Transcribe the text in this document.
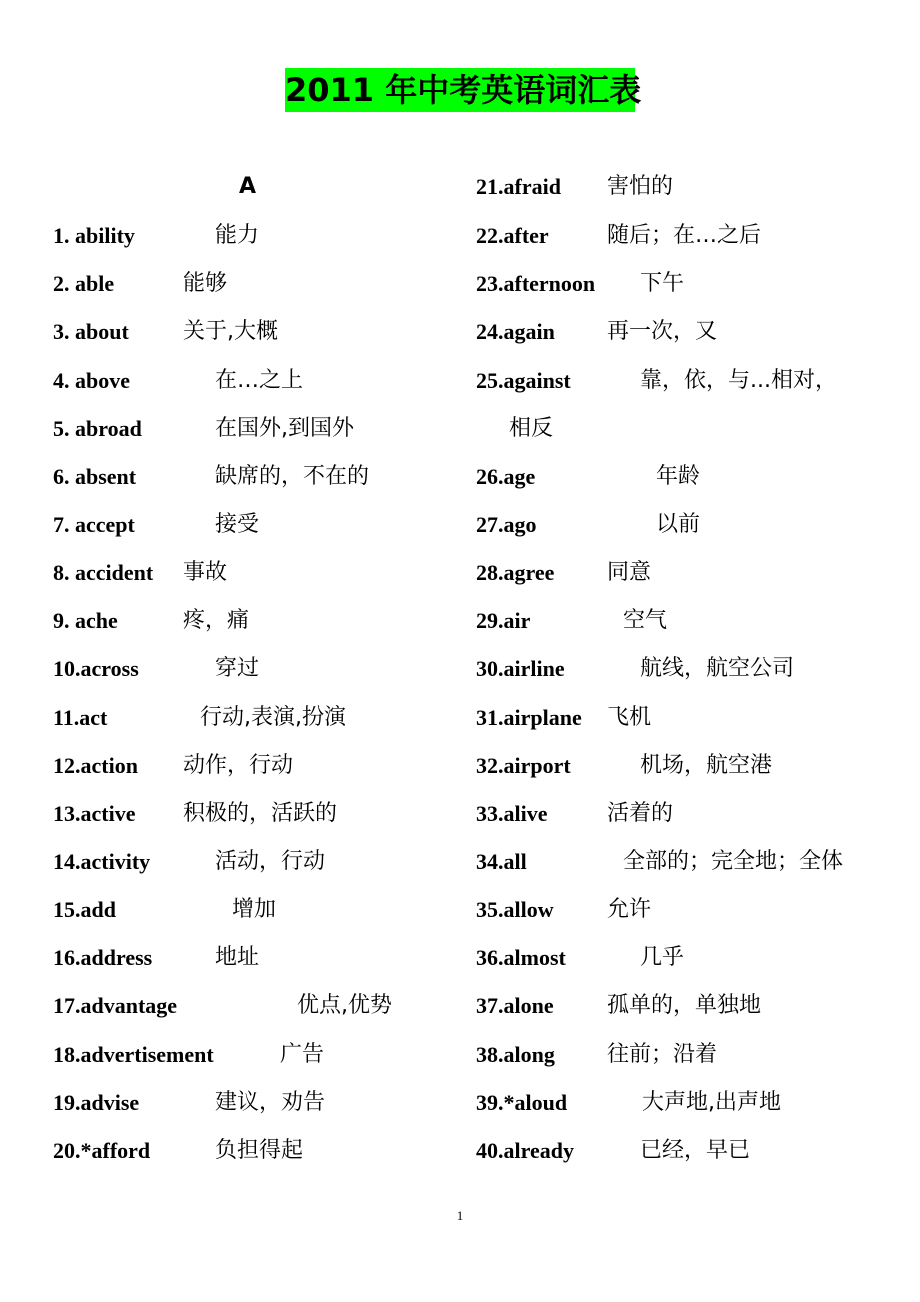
2011 年中考英语词汇表
A
1. ability	能力
2. able	能够
3. about 关于,大概
4. above	在…之上
5. abroad	在国外,到国外
6. absent	缺席的，不在的
7. accept	接受
8. accident 事故
9. ache	疼，痛
10.across	穿过
11.act	行动,表演,扮演
12.action 动作，行动
13.active 积极的，活跃的
14.activity	活动，行动
15.add	增加
16.address	地址
17.advantage	优点,优势
18.advertisement	广告
19.advise	建议，劝告
20.*afford	负担得起
21.afraid 害怕的
22.after	随后；在…之后
23.afternoon 下午
24.again 再一次，又
25.against	靠，依，与...相对，
相反
26.age	年龄
27.ago	以前
28.agree 同意
29.air	空气
30.airline	航线，航空公司
31.airplane 飞机
32.airport	机场，航空港
33.alive	活着的
34.all	全部的；完全地；全体
35.allow 允许
36.almost	几乎
37.alone 孤单的，单独地
38.along 往前；沿着
39.*aloud	大声地,出声地
40.already	已经，早已
1
